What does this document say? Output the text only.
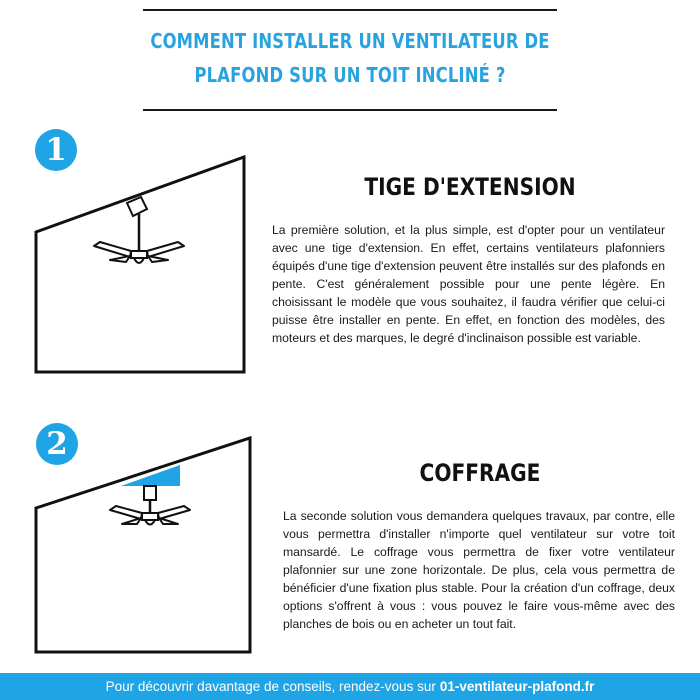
COMMENT INSTALLER UN VENTILATEUR DE
PLAFOND SUR UN TOIT INCLINÉ ?
1
TIGE D'EXTENSION
La première solution, et la plus simple, est d'opter pour un ventilateur avec une tige d'extension. En effet, certains ventilateurs plafonniers équipés d'une tige d'extension peuvent être installés sur des plafonds en pente. C'est généralement possible pour une pente légère. En choisissant le modèle que vous souhaitez, il faudra vérifier que celui-ci puisse être installer en pente. En effet, en fonction des modèles, des moteurs et des marques, le degré d'inclinaison possible est variable.
2
COFFRAGE
La seconde solution vous demandera quelques travaux, par contre, elle vous permettra d'installer n'importe quel ventilateur sur votre toit mansardé. Le coffrage vous permettra de fixer votre ventilateur plafonnier sur une zone horizontale. De plus, cela vous permettra de bénéficier d'une fixation plus stable. Pour la création d'un coffrage, deux options s'offrent à vous : vous pouvez le faire vous-même avec des planches de bois ou en acheter un tout fait.
Pour découvrir davantage de conseils, rendez-vous sur 01-ventilateur-plafond.fr
